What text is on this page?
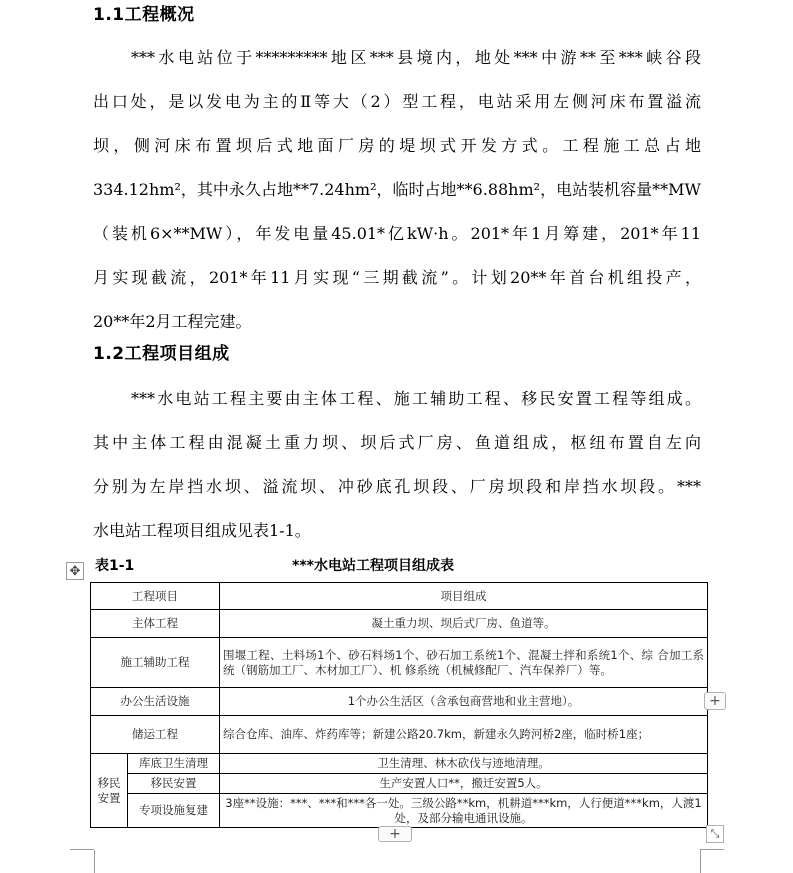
1.1工程概况
***水电站位于*********地区***县境内，地处***中游**至***峡谷段
出口处，是以发电为主的Ⅱ等大（2）型工程，电站采用左侧河床布置溢流
坝，侧河床布置坝后式地面厂房的堤坝式开发方式。工程施工总占地
334.12hm²，其中永久占地**7.24hm²，临时占地**6.88hm²，电站装机容量**MW
（装机6×**MW），年发电量45.01*亿kW·h。201*年1月筹建，201*年11
月实现截流，201*年11月实现“三期截流”。计划20**年首台机组投产，
20**年2月工程完建。
1.2工程项目组成
***水电站工程主要由主体工程、施工辅助工程、移民安置工程等组成。
其中主体工程由混凝土重力坝、坝后式厂房、鱼道组成，枢纽布置自左向
分别为左岸挡水坝、溢流坝、冲砂底孔坝段、厂房坝段和岸挡水坝段。***
水电站工程项目组成见表1-1。
✥ 表1-1	***水电站工程项目组成表
工程项目		项目组成
主体工程		凝土重力坝、坝后式厂房、鱼道等。
施工辅助工程		围堰工程、土料场1个、砂石料场1个、砂石加工系统1个、混凝土拌和系统1个、综 合加工系统（钢筋加工厂、木材加工厂）、机 修系统（机械修配厂、汽车保养厂）等。
办公生活设施		1个办公生活区（含承包商营地和业主营地）。
储运工程		综合仓库、油库、炸药库等；新建公路20.7km，新建永久跨河桥2座，临时桥1座；
移民安置	库底卫生清理	卫生清理、林木砍伐与迹地清理。
	移民安置	生产安置人口**，搬迁安置5人。
	专项设施复建	3座**设施：***、***和***各一处。三级公路**km，机耕道***km，人行便道***km，人渡1处，及部分输电通讯设施。
+
+	⤡
